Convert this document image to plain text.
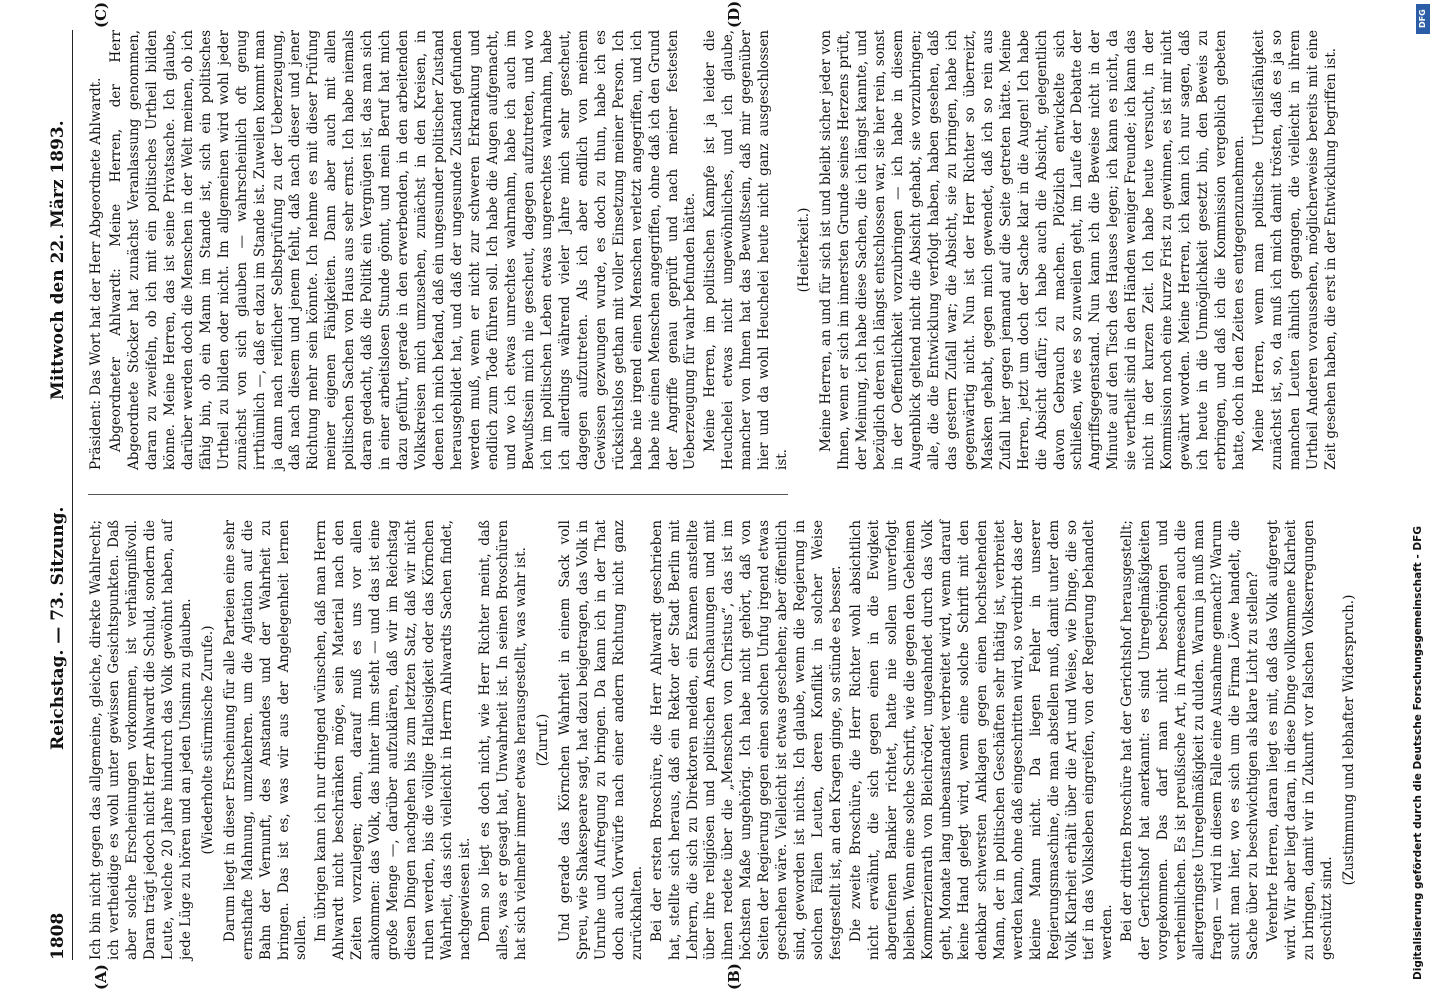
1808
Reichstag. — 73. Sitzung.
Mittwoch den 22. März 1893.
(A)	(B)
(C)	(D)

Ich bin nicht gegen das allgemeine, gleiche, direkte Wahlrecht; ich vertheidige es wohl unter gewissen Gesichtspunkten. Daß aber solche Erscheinungen vorkommen, ist verhängnißvoll. Daran trägt jedoch nicht Herr Ahlwardt die Schuld, sondern die Leute, welche 20 Jahre hindurch das Volk gewöhnt haben, auf jede Lüge zu hören und an jeden Unsinn zu glauben. (Wiederholte stürmische Zurufe.) Darum liegt in dieser Erscheinung für alle Parteien eine sehr ernsthafte Mahnung, umzukehren. um die Agitation auf die Bahn der Vernunft, des Anstandes und der Wahrheit zu bringen. Das ist es, was wir aus der Angelegenheit lernen sollen. Im übrigen kann ich nur dringend wünschen, daß man Herrn Ahlwardt nicht beschränken möge, sein Material nach den Zeiten vorzulegen; denn, darauf muß es uns vor allen ankommen: das Volk, das hinter ihm steht — und das ist eine große Menge —, darüber aufzuklären, daß wir im Reichstag diesen Dingen nachgehen bis zum letzten Satz, daß wir nicht ruhen werden, bis die völlige Haltlosigkeit oder das Körnchen Wahrheit, das sich vielleicht in Herrn Ahlwardts Sachen findet, nachgewiesen ist. Denn so liegt es doch nicht, wie Herr Richter meint, daß alles, was er gesagt hat, Unwahrheit ist. In seinen Broschüren hat sich vielmehr immer etwas herausgestellt, was wahr ist. (Zuruf.) Und gerade das Körnchen Wahrheit in einem Sack voll Spreu, wie Shakespeare sagt, hat dazu beigetragen, das Volk in Unruhe und Aufregung zu bringen. Da kann ich in der That doch auch Vorwürfe nach einer andern Richtung nicht ganz zurückhalten. Bei der ersten Broschüre, die Herr Ahlwardt geschrieben hat, stellte sich heraus, daß ein Rektor der Stadt Berlin mit Lehrern, die sich zu Direktoren melden, ein Examen anstellte über ihre religiösen und politischen Anschauungen und mit ihnen redete über die „Menschen von Christus“, das ist im höchsten Maße ungehörig. Ich habe nicht gehört, daß von Seiten der Regierung gegen einen solchen Unfug irgend etwas geschehen wäre. Vielleicht ist etwas geschehen; aber öffentlich sind, geworden ist nichts. Ich glaube, wenn die Regierung in solchen Fällen Leuten, deren Konflikt in solcher Weise festgestellt ist, an den Kragen ginge, so stünde es besser. Die zweite Broschüre, die Herr Richter wohl absichtlich nicht erwähnt, die sich gegen einen in die Ewigkeit abgerufenen Bankier richtet, hatte nie sollen unverfolgt bleiben. Wenn eine solche Schrift, wie die gegen den Geheimen Kommerzienrath von Bleichröder, ungeahndet durch das Volk geht, Monate lang unbeanstandet verbreitet wird, wenn darauf keine Hand gelegt wird, wenn eine solche Schrift mit den denkbar schwersten Anklagen gegen einen hochstehenden Mann, der in politischen Geschäften sehr thätig ist, verbreitet werden kann, ohne daß eingeschritten wird, so verdirbt das der kleine Mann nicht. Da liegen Fehler in unserer Regierungsmaschine, die man abstellen muß, damit unter dem Volk Klarheit erhält über die Art und Weise, wie Dinge, die so tief in das Volksleben eingreifen, von der Regierung behandelt werden. Bei der dritten Broschüre hat der Gerichtshof herausgestellt; der Gerichtshof hat anerkannt: es sind Unregelmäßigkeiten vorgekommen. Das darf man nicht beschönigen und verheimlichen. Es ist preußische Art, in Armeesachen auch die allergeringste Unregelmäßigkeit zu dulden. Warum ja muß man fragen — wird in diesem Falle eine Ausnahme gemacht? Warum sucht man hier, wo es sich um die Firma Löwe handelt, die Sache über zu beschwichtigen als klare Licht zu stellen? Verehrte Herren, daran liegt es mit, daß das Volk aufgeregt wird. Wir aber liegt daran, in diese Dinge vollkommene Klarheit zu bringen, damit wir in Zukunft vor falschen Volkserregungen geschützt sind.

(Zustimmung und lebhafter Widerspruch.)

Präsident: Das Wort hat der Herr Abgeordnete Ahlwardt. Abgeordneter Ahlwardt: Meine Herren, der Herr Abgeordnete Stöcker hat zunächst Veranlassung genommen, daran zu zweifeln, ob ich mit ein politisches Urtheil bilden könne. Meine Herren, das ist seine Privatsache. Ich glaube, darüber werden doch die Menschen in der Welt meinen, ob ich fähig bin, ob ein Mann im Stande ist, sich ein politisches Urtheil zu bilden oder nicht. Im allgemeinen wird wohl jeder zunächst von sich glauben — wahrscheinlich oft genug irrthümlich —, daß er dazu im Stande ist. Zuweilen kommt man ja dann nach reiflicher Selbstprüfung zu der Ueberzeugung, daß nach diesem und jenem fehlt, daß nach dieser und jener Richtung mehr sein könnte. Ich nehme es mit dieser Prüfung meiner eigenen Fähigkeiten. Dann aber auch mit allen politischen Sachen von Haus aus sehr ernst. Ich habe niemals daran gedacht, daß die Politik ein Vergnügen ist, das man sich in einer arbeitslosen Stunde gönnt, und mein Beruf hat mich dazu geführt, gerade in den erwerbenden, in den arbeitenden Volkskreisen mich umzusehen, zunächst in den Kreisen, in denen ich mich befand, daß ein ungesunder politischer Zustand herausgebildet hat, und daß der ungesunde Zustand gefunden werden muß, wenn er nicht zur schweren Erkrankung und endlich zum Tode führen soll. Ich habe die Augen aufgemacht, und wo ich etwas unrechtes wahrnahm, habe ich auch im Bewußtsein mich nie gescheut, dagegen aufzutreten, und wo ich im politischen Leben etwas ungerechtes wahrnahm, habe ich allerdings während vieler Jahre mich sehr gescheut, dagegen aufzutreten. Als ich aber endlich von meinem Gewissen gezwungen wurde, es doch zu thun, habe ich es rücksichtslos gethan mit voller Einsetzung meiner Person. Ich habe nie irgend einen Menschen verletzt angegriffen, und ich habe nie einen Menschen angegriffen, ohne daß ich den Grund der Angriffe genau geprüft und nach meiner festesten Ueberzeugung für wahr befunden hätte. Meine Herren, im politischen Kampfe ist ja leider die Heuchelei etwas nicht ungewöhnliches, und ich glaube, mancher von Ihnen hat das Bewußtsein, daß mir gegenüber hier und da wohl Heuchelei heute nicht ganz ausgeschlossen ist.

(Heiterkeit.) Meine Herren, an und für sich ist und bleibt sicher jeder von Ihnen, wenn er sich im innersten Grunde seines Herzens prüft, der Meinung, ich habe diese Sachen, die ich längst kannte, und bezüglich deren ich längst entschlossen war, sie hier rein, sonst in der Oeffentlichkeit vorzubringen — ich habe in diesem Augenblick geltend nicht die Absicht gehabt, sie vorzubringen; alle, die die Entwicklung verfolgt haben, haben gesehen, daß das gestern Zufall war; die Absicht, sie zu bringen, habe ich gegenwärtig nicht. Nun ist der Herr Richter so überreizt, Masken gehabt, gegen mich gewendet, daß ich so rein aus Zufall hier gegen jemand auf die Seite getreten hätte. Meine Herren, jetzt um doch der Sache klar in die Augen! Ich habe die Absicht dafür; ich habe auch die Absicht, gelegentlich davon Gebrauch zu machen. Plötzlich entwickelte sich schließen, wie es so zuweilen geht, im Laufe der Debatte der Angriffsgegenstand. Nun kann ich die Beweise nicht in der Minute auf den Tisch des Hauses legen; ich kann es nicht, da sie vertheilt sind in den Händen weniger Freunde; ich kann das nicht in der kurzen Zeit. Ich habe heute versucht, in der Kommission noch eine kurze Frist zu gewinnen, es ist mir nicht gewährt worden. Meine Herren, ich kann ich nur sagen, daß ich heute in die Unmöglichkeit gesetzt bin, den Beweis zu erbringen, und daß ich die Kommission vergeblich gebeten hatte, doch in den Zeiten es entgegenzunehmen. Meine Herren, wenn man politische Urtheilsfähigkeit zunächst ist, so, da muß ich mich damit trösten, daß es ja so manchen Leuten ähnlich gegangen, die vielleicht in ihrem Urtheil Anderen voraussehen, möglicherweise bereits mit eine Zeit gesehen haben, die erst in der Entwicklung begriffen ist.

DFG
Digitalisierung gefördert durch die Deutsche Forschungsgemeinschaft - DFG
